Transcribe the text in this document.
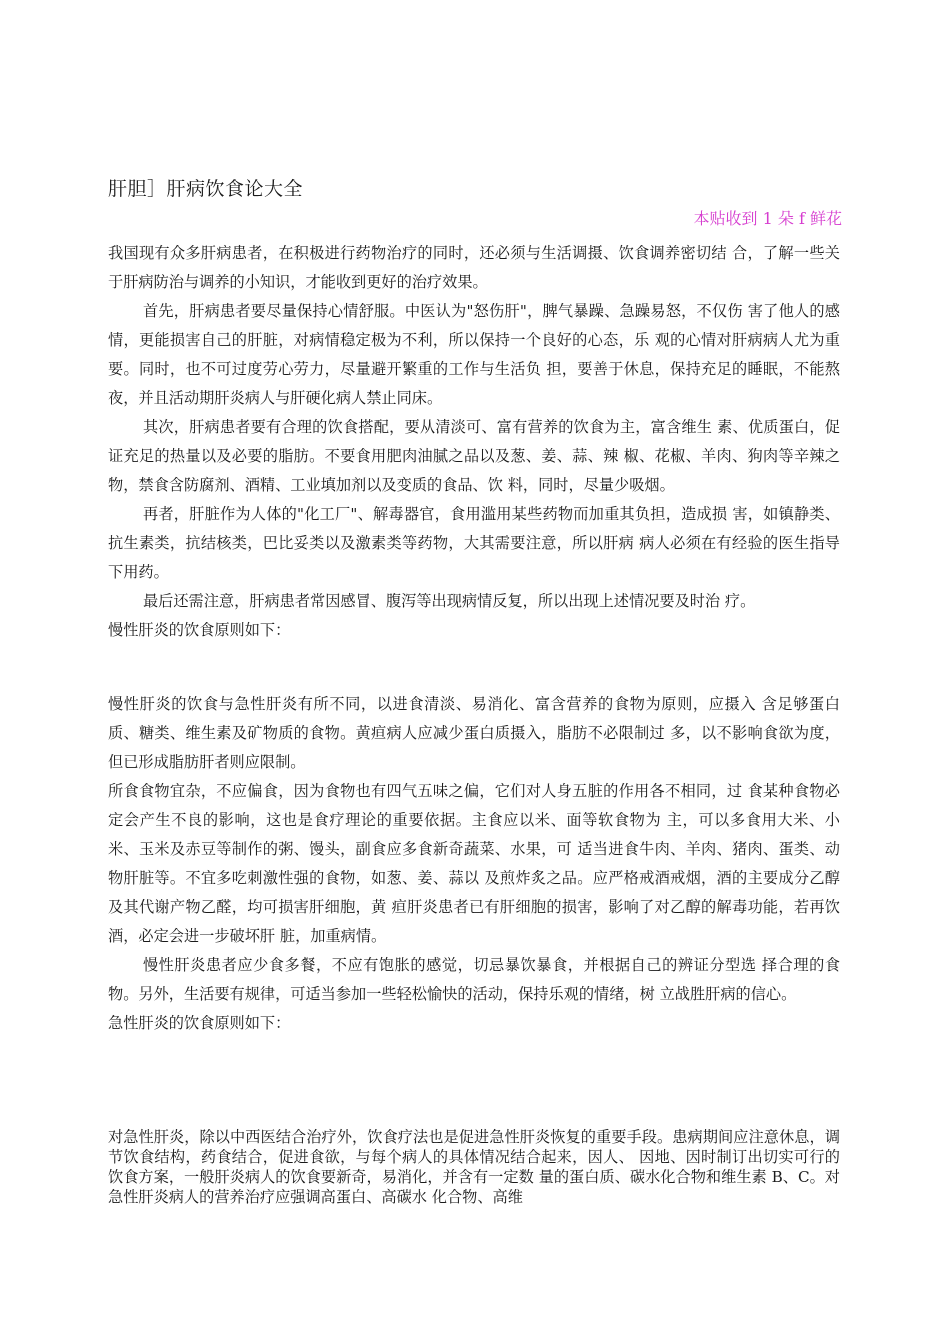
肝胆］肝病饮食论大全
本贴收到 1 朵 f 鲜花

我国现有众多肝病患者，在积极进行药物治疗的同时，还必须与生活调摄、饮食调养密切结 合，了解一些关于肝病防治与调养的小知识，才能收到更好的治疗效果。

首先，肝病患者要尽量保持心情舒服。中医认为"怒伤肝"，脾气暴躁、急躁易怒，不仅伤 害了他人的感情，更能损害自己的肝脏，对病情稳定极为不利，所以保持一个良好的心态，乐 观的心情对肝病病人尤为重要。同时，也不可过度劳心劳力，尽量避开繁重的工作与生活负 担，要善于休息，保持充足的睡眠，不能熬夜，并且活动期肝炎病人与肝硬化病人禁止同床。

其次，肝病患者要有合理的饮食搭配，要从清淡可、富有营养的饮食为主，富含维生 素、优质蛋白，促证充足的热量以及必要的脂肪。不要食用肥肉油腻之品以及葱、姜、蒜、辣 椒、花椒、羊肉、狗肉等辛辣之物，禁食含防腐剂、酒精、工业填加剂以及变质的食品、饮 料，同时，尽量少吸烟。

再者，肝脏作为人体的"化工厂"、解毒器官，食用滥用某些药物而加重其负担，造成损 害，如镇静类、抗生素类，抗结核类，巴比妥类以及激素类等药物，大其需要注意，所以肝病 病人必须在有经验的医生指导下用药。

最后还需注意，肝病患者常因感冒、腹泻等出现病情反复，所以出现上述情况要及时治 疗。

慢性肝炎的饮食原则如下：

慢性肝炎的饮食与急性肝炎有所不同，以进食清淡、易消化、富含营养的食物为原则，应摄入 含足够蛋白质、糖类、维生素及矿物质的食物。黄疸病人应减少蛋白质摄入，脂肪不必限制过 多，以不影响食欲为度，但已形成脂肪肝者则应限制。

所食食物宜杂，不应偏食，因为食物也有四气五味之偏，它们对人身五脏的作用各不相同，过 食某种食物必定会产生不良的影响，这也是食疗理论的重要依据。主食应以米、面等软食物为 主，可以多食用大米、小米、玉米及赤豆等制作的粥、馒头，副食应多食新奇蔬菜、水果，可 适当进食牛肉、羊肉、猪肉、蛋类、动物肝脏等。不宜多吃刺激性强的食物，如葱、姜、蒜以 及煎炸炙之品。应严格戒酒戒烟，酒的主要成分乙醇及其代谢产物乙醛，均可损害肝细胞，黄 疸肝炎患者已有肝细胞的损害，影响了对乙醇的解毒功能，若再饮酒，必定会进一步破坏肝 脏，加重病情。

慢性肝炎患者应少食多餐，不应有饱胀的感觉，切忌暴饮暴食，并根据自己的辨证分型选 择合理的食物。另外，生活要有规律，可适当参加一些轻松愉快的活动，保持乐观的情绪，树 立战胜肝病的信心。

急性肝炎的饮食原则如下：

对急性肝炎，除以中西医结合治疗外，饮食疗法也是促进急性肝炎恢复的重要手段。患病期间应注意休息，调节饮食结构，药食结合，促进食欲，与每个病人的具体情况结合起来，因人、 因地、因时制订出切实可行的饮食方案，一般肝炎病人的饮食要新奇，易消化，并含有一定数 量的蛋白质、碳水化合物和维生素 B、C。对急性肝炎病人的营养治疗应强调高蛋白、高碳水 化合物、高维
